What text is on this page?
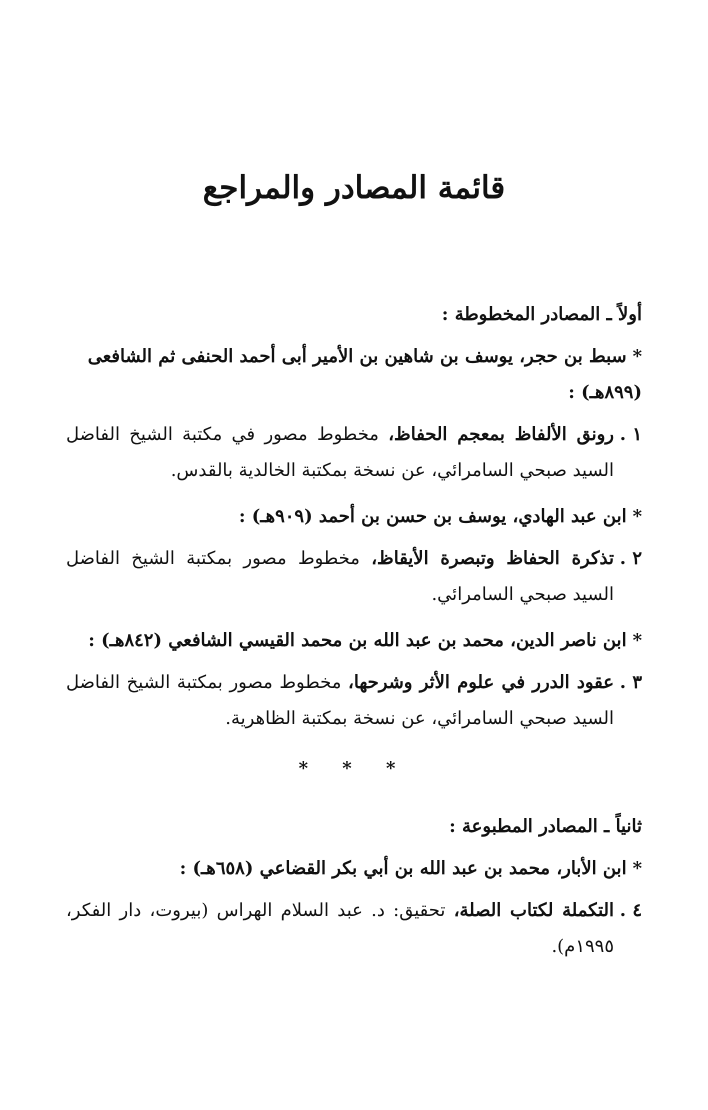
قائمة المصادر والمراجع
أولاً ـ المصادر المخطوطة :
*سبط بن حجر، يوسف بن شاهين بن الأمير أبى أحمد الحنفى ثم الشافعى (٨٩٩هـ) :
١ .
رونق الألفاظ بمعجم الحفاظ، مخطوط مصور في مكتبة الشيخ الفاضل السيد صبحي السامرائي، عن نسخة بمكتبة الخالدية بالقدس.
*ابن عبد الهادي، يوسف بن حسن بن أحمد (٩٠٩هـ) :
٢ .
تذكرة الحفاظ وتبصرة الأيقاظ، مخطوط مصور بمكتبة الشيخ الفاضل السيد صبحي السامرائي.
*ابن ناصر الدين، محمد بن عبد الله بن محمد القيسي الشافعي (٨٤٢هـ) :
٣ .
عقود الدرر في علوم الأثر وشرحها، مخطوط مصور بمكتبة الشيخ الفاضل السيد صبحي السامرائي، عن نسخة بمكتبة الظاهرية.
* * *
ثانياً ـ المصادر المطبوعة :
*ابن الأبار، محمد بن عبد الله بن أبي بكر القضاعي (٦٥٨هـ) :
٤ .
التكملة لكتاب الصلة، تحقيق: د. عبد السلام الهراس (بيروت، دار الفكر، ١٩٩٥م).
